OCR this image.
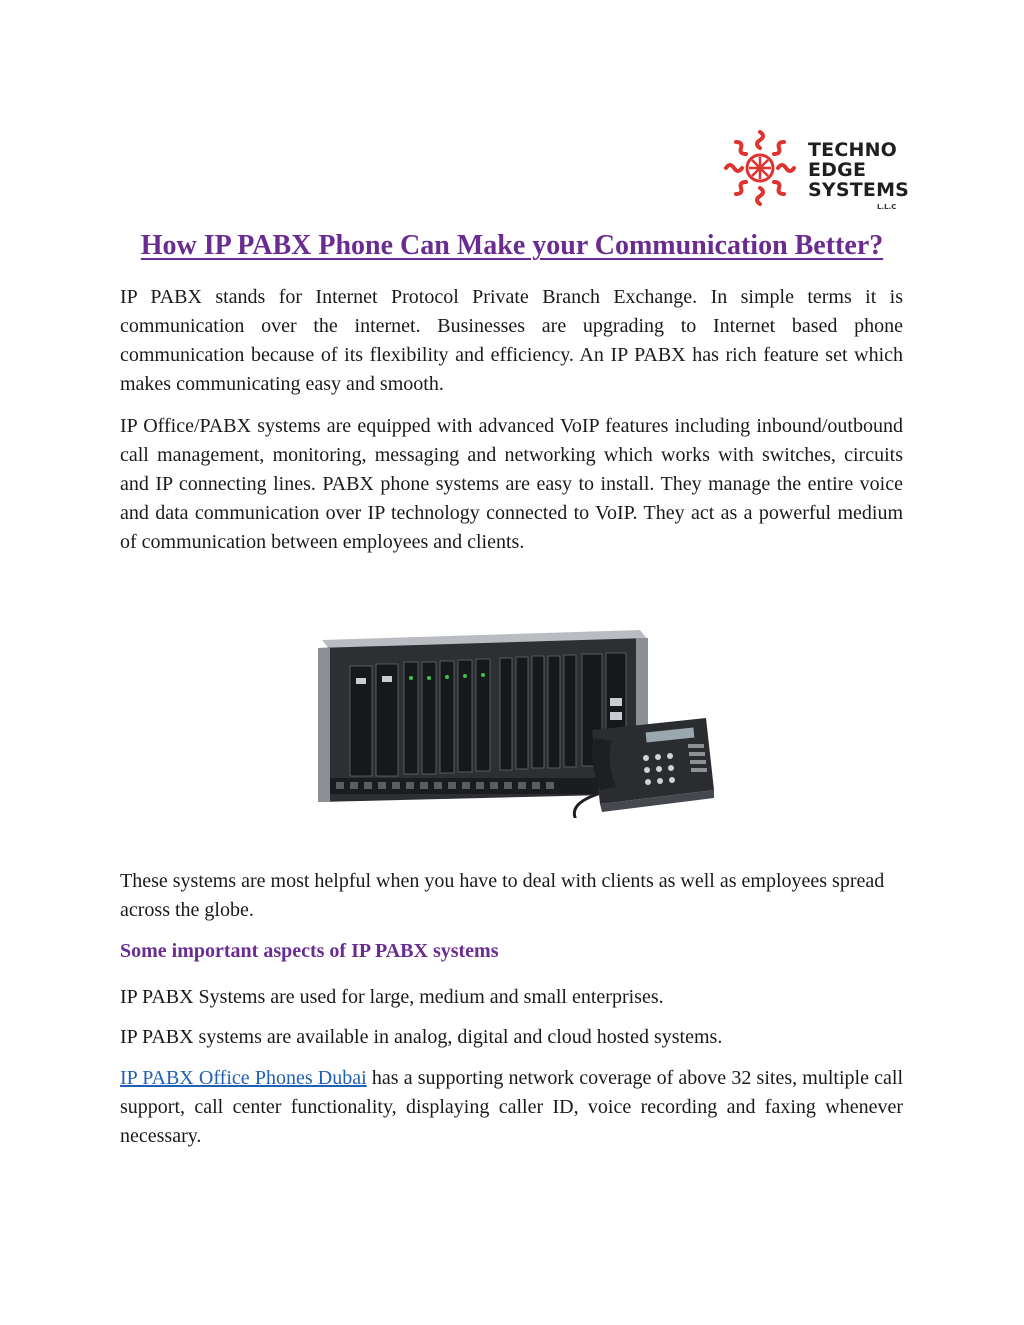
TECHNO
EDGE
SYSTEMS
L.L.C
How IP PABX Phone Can Make your Communication Better?

IP PABX stands for Internet Protocol Private Branch Exchange. In simple terms it is communication over the internet. Businesses are upgrading to Internet based phone communication because of its flexibility and efficiency. An IP PABX has rich feature set which makes communicating easy and smooth.

IP Office/PABX systems are equipped with advanced VoIP features including inbound/outbound call management, monitoring, messaging and networking which works with switches, circuits and IP connecting lines. PABX phone systems are easy to install. They manage the entire voice and data communication over IP technology connected to VoIP. They act as a powerful medium of communication between employees and clients.

These systems are most helpful when you have to deal with clients as well as employees spread across the globe.

Some important aspects of IP PABX systems

IP PABX Systems are used for large, medium and small enterprises.

IP PABX systems are available in analog, digital and cloud hosted systems.

IP PABX Office Phones Dubai has a supporting network coverage of above 32 sites, multiple call support, call center functionality, displaying caller ID, voice recording and faxing whenever necessary.
